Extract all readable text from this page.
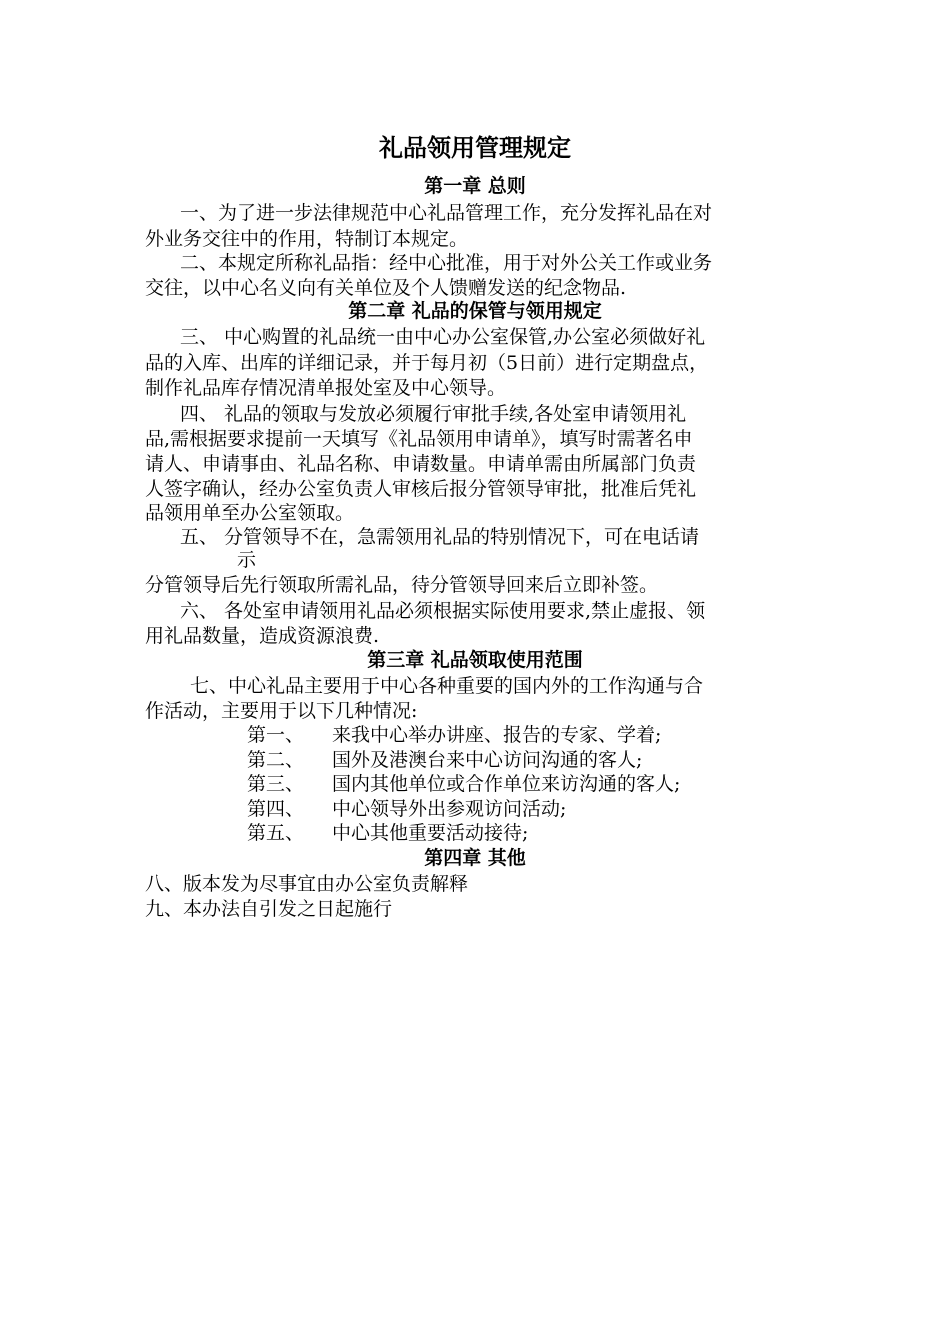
礼品领用管理规定
第一章 总则
一、为了进一步法律规范中心礼品管理工作，充分发挥礼品在对
外业务交往中的作用，特制订本规定。
二、本规定所称礼品指：经中心批准，用于对外公关工作或业务
交往，以中心名义向有关单位及个人馈赠发送的纪念物品.
第二章 礼品的保管与领用规定
三、 中心购置的礼品统一由中心办公室保管,办公室必须做好礼
品的入库、出库的详细记录，并于每月初（5日前）进行定期盘点，
制作礼品库存情况清单报处室及中心领导。
四、 礼品的领取与发放必须履行审批手续,各处室申请领用礼
品,需根据要求提前一天填写《礼品领用申请单》，填写时需著名申
请人、申请事由、礼品名称、申请数量。申请单需由所属部门负责
人签字确认，经办公室负责人审核后报分管领导审批，批准后凭礼
品领用单至办公室领取。
五、 分管领导不在，急需领用礼品的特别情况下，可在电话请
示
分管领导后先行领取所需礼品，待分管领导回来后立即补签。
六、 各处室申请领用礼品必须根据实际使用要求,禁止虚报、领
用礼品数量，造成资源浪费.
第三章 礼品领取使用范围
七、中心礼品主要用于中心各种重要的国内外的工作沟通与合
作活动，主要用于以下几种情况:
第一、 来我中心举办讲座、报告的专家、学着;
第二、 国外及港澳台来中心访问沟通的客人;
第三、 国内其他单位或合作单位来访沟通的客人;
第四、 中心领导外出参观访问活动;
第五、 中心其他重要活动接待;
第四章 其他
八、版本发为尽事宜由办公室负责解释
九、本办法自引发之日起施行
